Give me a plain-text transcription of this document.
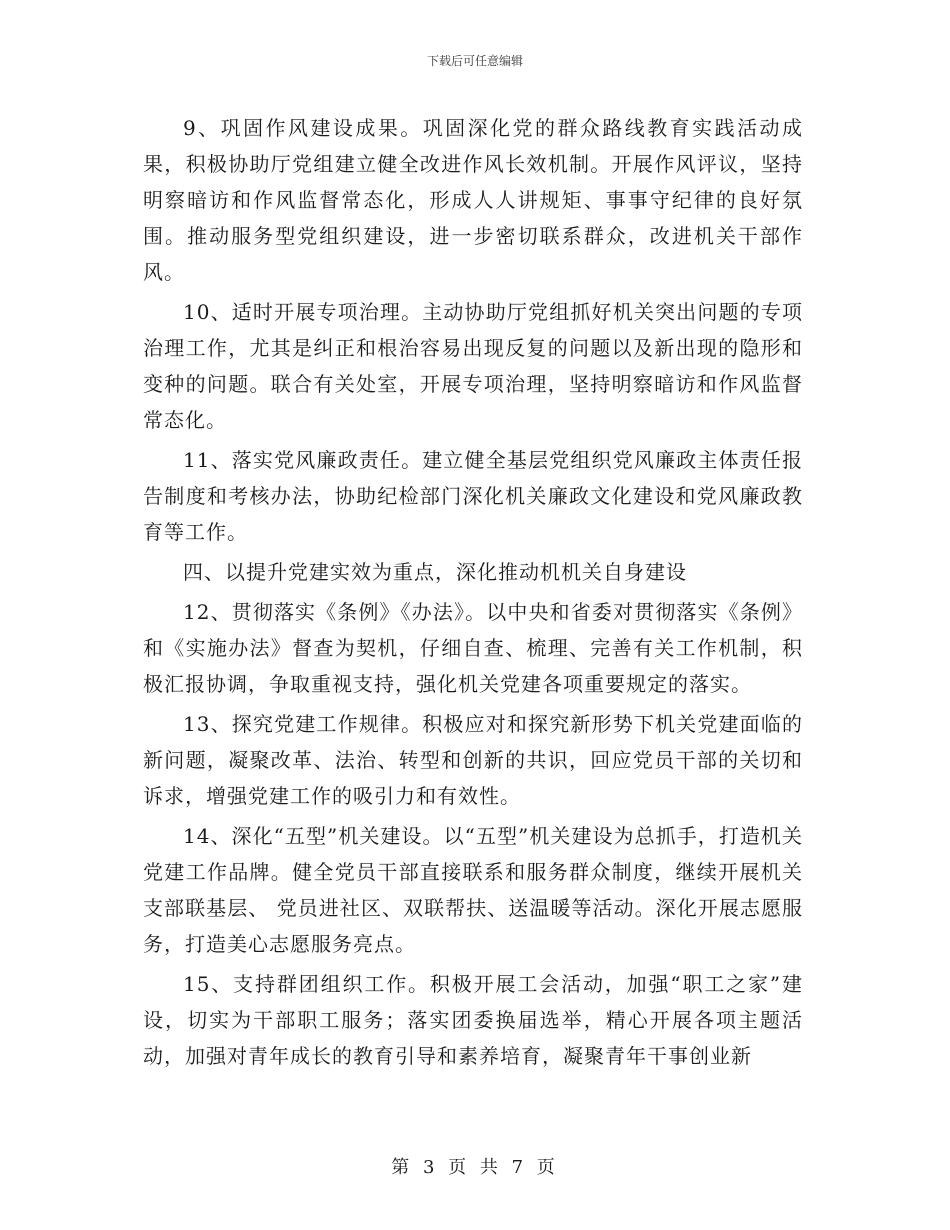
下载后可任意编辑

9、巩固作风建设成果。巩固深化党的群众路线教育实践活动成果，积极协助厅党组建立健全改进作风长效机制。开展作风评议，坚持明察暗访和作风监督常态化，形成人人讲规矩、事事守纪律的良好氛围。推动服务型党组织建设，进一步密切联系群众，改进机关干部作风。

10、适时开展专项治理。主动协助厅党组抓好机关突出问题的专项治理工作，尤其是纠正和根治容易出现反复的问题以及新出现的隐形和变种的问题。联合有关处室，开展专项治理，坚持明察暗访和作风监督常态化。

11、落实党风廉政责任。建立健全基层党组织党风廉政主体责任报告制度和考核办法，协助纪检部门深化机关廉政文化建设和党风廉政教育等工作。

四、以提升党建实效为重点，深化推动机机关自身建设

12、贯彻落实《条例》《办法》。以中央和省委对贯彻落实《条例》和《实施办法》督查为契机，仔细自查、梳理、完善有关工作机制，积极汇报协调，争取重视支持，强化机关党建各项重要规定的落实。

13、探究党建工作规律。积极应对和探究新形势下机关党建面临的新问题，凝聚改革、法治、转型和创新的共识，回应党员干部的关切和诉求，增强党建工作的吸引力和有效性。

14、深化“五型”机关建设。以“五型”机关建设为总抓手，打造机关党建工作品牌。健全党员干部直接联系和服务群众制度，继续开展机关支部联基层、 党员进社区、双联帮扶、送温暖等活动。深化开展志愿服务，打造美心志愿服务亮点。

15、支持群团组织工作。积极开展工会活动，加强“职工之家”建设，切实为干部职工服务；落实团委换届选举，精心开展各项主题活动，加强对青年成长的教育引导和素养培育，凝聚青年干事创业新

第 3 页 共 7 页
